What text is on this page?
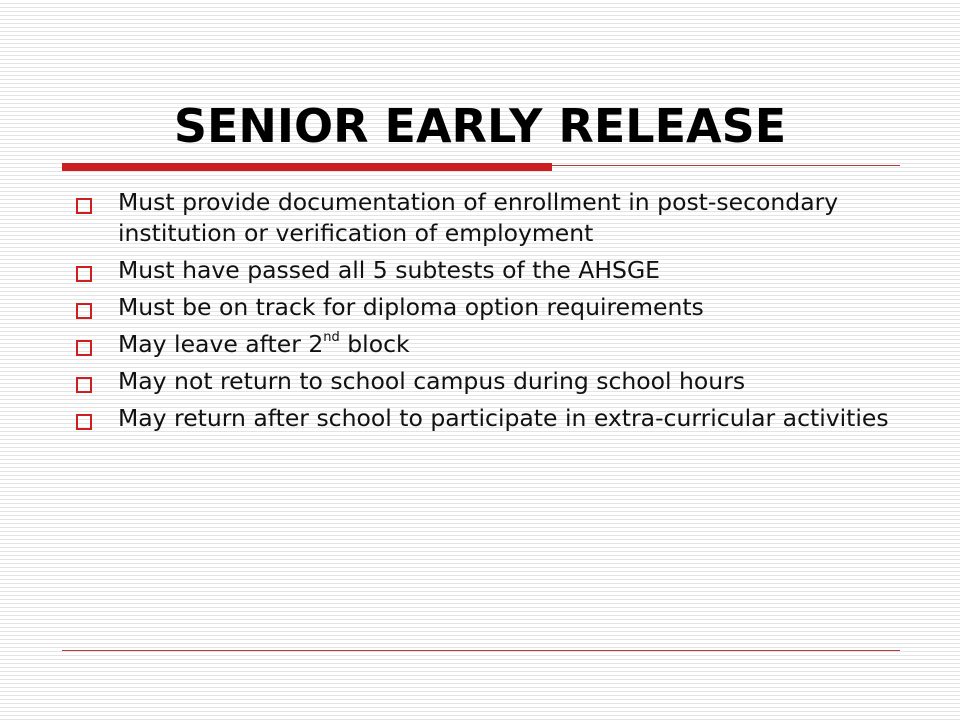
SENIOR EARLY RELEASE
Must provide documentation of enrollment in post-secondary institution or verification of employment
Must have passed all 5 subtests of the AHSGE
Must be on track for diploma option requirements
May leave after 2nd block
May not return to school campus during school hours
May return after school to participate in extra-curricular activities
